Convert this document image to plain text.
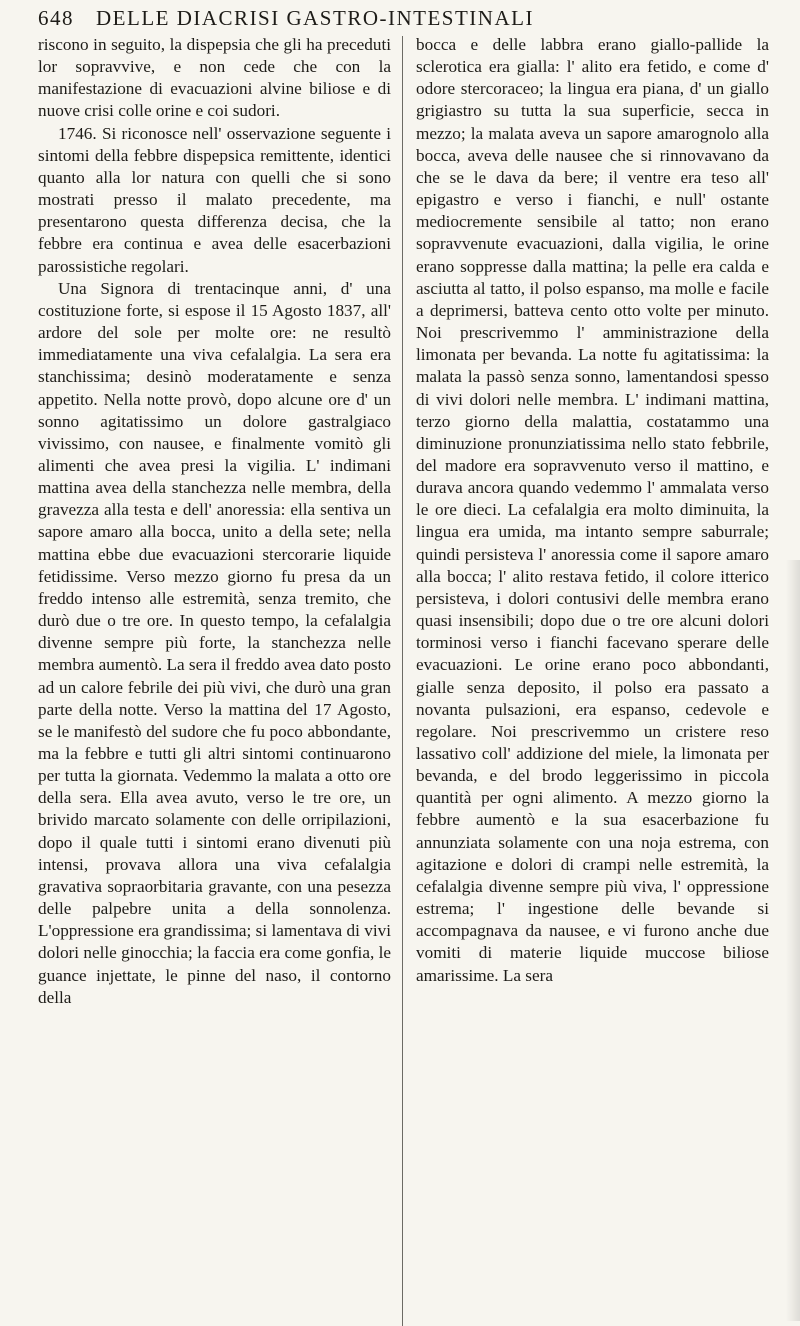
648 DELLE DIACRISI GASTRO-INTESTINALI

riscono in seguito, la dispepsia che gli ha preceduti lor sopravvive, e non cede che con la manifestazione di evacuazioni alvine biliose e di nuove crisi colle orine e coi sudori.

1746. Si riconosce nell' osservazione seguente i sintomi della febbre dispepsica remittente, identici quanto alla lor natura con quelli che si sono mostrati presso il malato precedente, ma presentarono questa differenza decisa, che la febbre era continua e avea delle esacerbazioni parossistiche regolari.

Una Signora di trentacinque anni, d' una costituzione forte, si espose il 15 Agosto 1837, all' ardore del sole per molte ore: ne resultò immediatamente una viva cefalalgia. La sera era stanchissima; desinò moderatamente e senza appetito. Nella notte provò, dopo alcune ore d' un sonno agitatissimo un dolore gastralgiaco vivissimo, con nausee, e finalmente vomitò gli alimenti che avea presi la vigilia. L' indimani mattina avea della stanchezza nelle membra, della gravezza alla testa e dell' anoressia: ella sentiva un sapore amaro alla bocca, unito a della sete; nella mattina ebbe due evacuazioni stercorarie liquide fetidissime. Verso mezzo giorno fu presa da un freddo intenso alle estremità, senza tremito, che durò due o tre ore. In questo tempo, la cefalalgia divenne sempre più forte, la stanchezza nelle membra aumentò. La sera il freddo avea dato posto ad un calore febrile dei più vivi, che durò una gran parte della notte. Verso la mattina del 17 Agosto, se le manifestò del sudore che fu poco abbondante, ma la febbre e tutti gli altri sintomi continuarono per tutta la giornata. Vedemmo la malata a otto ore della sera. Ella avea avuto, verso le tre ore, un brivido marcato solamente con delle orripilazioni, dopo il quale tutti i sintomi erano divenuti più intensi, provava allora una viva cefalalgia gravativa sopraorbitaria gravante, con una pesezza delle palpebre unita a della sonnolenza. L'oppressione era grandissima; si lamentava di vivi dolori nelle ginocchia; la faccia era come gonfia, le guance injettate, le pinne del naso, il contorno della

bocca e delle labbra erano giallo-pallide la sclerotica era gialla: l' alito era fetido, e come d' odore stercoraceo; la lingua era piana, d' un giallo grigiastro su tutta la sua superficie, secca in mezzo; la malata aveva un sapore amarognolo alla bocca, aveva delle nausee che si rinnovavano da che se le dava da bere; il ventre era teso all' epigastro e verso i fianchi, e null' ostante mediocremente sensibile al tatto; non erano sopravvenute evacuazioni, dalla vigilia, le orine erano soppresse dalla mattina; la pelle era calda e asciutta al tatto, il polso espanso, ma molle e facile a deprimersi, batteva cento otto volte per minuto. Noi prescrivemmo l' amministrazione della limonata per bevanda. La notte fu agitatissima: la malata la passò senza sonno, lamentandosi spesso di vivi dolori nelle membra. L' indimani mattina, terzo giorno della malattia, costatammo una diminuzione pronunziatissima nello stato febbrile, del madore era sopravvenuto verso il mattino, e durava ancora quando vedemmo l' ammalata verso le ore dieci. La cefalalgia era molto diminuita, la lingua era umida, ma intanto sempre saburrale; quindi persisteva l' anoressia come il sapore amaro alla bocca; l' alito restava fetido, il colore itterico persisteva, i dolori contusivi delle membra erano quasi insensibili; dopo due o tre ore alcuni dolori torminosi verso i fianchi facevano sperare delle evacuazioni. Le orine erano poco abbondanti, gialle senza deposito, il polso era passato a novanta pulsazioni, era espanso, cedevole e regolare. Noi prescrivemmo un cristere reso lassativo coll' addizione del miele, la limonata per bevanda, e del brodo leggerissimo in piccola quantità per ogni alimento. A mezzo giorno la febbre aumentò e la sua esacerbazione fu annunziata solamente con una noja estrema, con agitazione e dolori di crampi nelle estremità, la cefalalgia divenne sempre più viva, l' oppressione estrema; l' ingestione delle bevande si accompagnava da nausee, e vi furono anche due vomiti di materie liquide muccose biliose amarissime. La sera
